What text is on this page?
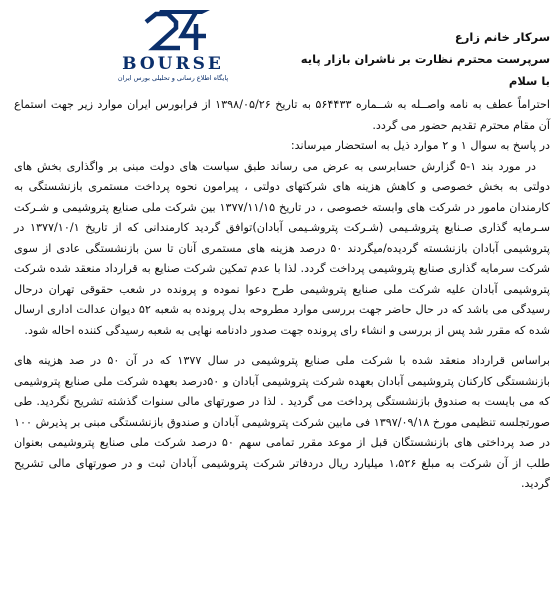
BOURSE
پایگاه اطلاع رسانی و تحلیلی بورس ایران
سرکار خانم زارع
سرپرست محترم نظارت بر ناشران بازار پایه
با سلام

احتراماً عطف به نامه واصــله به شــماره ۵۶۴۴۳۳ به تاریخ ۱۳۹۸/۰۵/۲۶ از فرابورس ایران موارد زیر جهت استماع آن مقام محترم تقدیم حضور می گردد.

در پاسخ به سوال ۱ و ۲ موارد ذیل به استحضار میرساند:

در مورد بند ۱-۵ گزارش حسابرسی به عرض می رساند طبق سیاست های دولت مبنی بر واگذاری بخش های دولتی به بخش خصوصی و کاهش هزینه های شرکتهای دولتی ، پیرامون نحوه پرداخت مستمری بازنشستگی به کارمندان مامور در شرکت های وابسته خصوصی ، در تاریخ ۱۳۷۷/۱۱/۱۵ بین شرکت ملی صنایع پتروشیمی و شـرکت سـرمایه گذاری صـنایع پتروشـیمی (شـرکت پتروشـیمی آبادان)توافق گردید کارمندانی که از تاریخ ۱۳۷۷/۱۰/۱ در پتروشیمی آبادان بازنشسته گردیده/میگردند ۵۰ درصد هزینه های مستمری آنان تا سن بازنشستگی عادی از سوی شرکت سرمایه گذاری صنایع پتروشیمی پرداخت گردد. لذا با عدم تمکین شرکت صنایع به قرارداد منعقد شده شرکت پتروشیمی آبادان علیه شرکت ملی صنایع پتروشیمی طرح دعوا نموده و پرونده در شعب حقوقی تهران درحال رسیدگی می باشد که در حال حاضر جهت بررسی موارد مطروحه بدل پرونده به شعبه ۵۲ دیوان عدالت اداری ارسال شده که مقرر شد پس از بررسی و انشاء رای پرونده جهت صدور دادنامه نهایی به شعبه رسیدگی کننده احاله شود.

براساس قرارداد منعقد شده با شرکت ملی صنایع پتروشیمی در سال ۱۳۷۷ که در آن ۵۰ در صد هزینه های بازنشستگی کارکنان پتروشیمی آبادان بعهده شرکت پتروشیمی آبادان و ۵۰درصد بعهده شرکت ملی صنایع پتروشیمی که می بایست به صندوق بازنشستگی پرداخت می گردید . لذا در صورتهای مالی سنوات گذشته تشریح نگردید. طی صورتجلسه تنظیمی مورخ ۱۳۹۷/۰۹/۱۸ فی مابین شرکت پتروشیمی آبادان و صندوق بازنشستگی مبنی بر پذیرش ۱۰۰ در صد پرداختی های بازنشستگان قبل از موعد مقرر تمامی سهم ۵۰ درصد شرکت ملی صنایع پتروشیمی بعنوان طلب از آن شرکت به مبلغ ۱،۵۲۶ میلیارد ریال دردفاتر شرکت پتروشیمی آبادان ثبت و در صورتهای مالی تشریح گردید.
